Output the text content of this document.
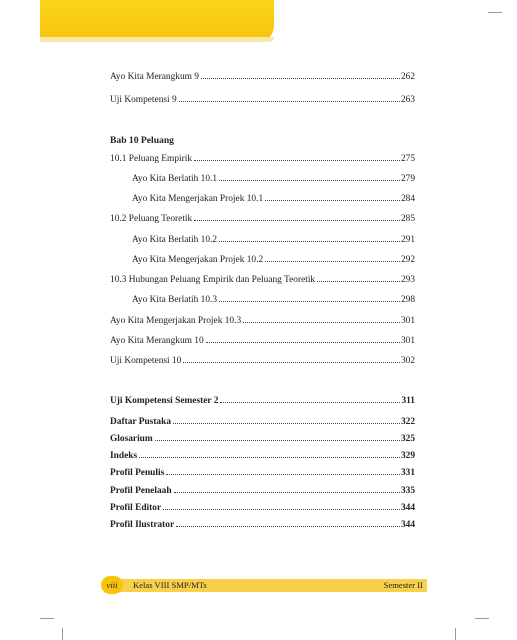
Ayo Kita Merangkum 9	262
Uji Kompetensi 9	263
Bab 10 Peluang
10.1 Peluang Empirik	275
Ayo Kita Berlatih 10.1	279
Ayo Kita Mengerjakan Projek 10.1	284
10.2 Peluang Teoretik	285
Ayo Kita Berlatih 10.2	291
Ayo Kita Mengerjakan Projek 10.2	292
10.3 Hubungan Peluang Empirik dan Peluang Teoretik	293
Ayo Kita Berlatih 10.3	298
Ayo Kita Mengerjakan Projek 10.3	301
Ayo Kita Merangkum 10	301
Uji Kompetensi 10	302
Uji Kompetensi Semester 2	311
Daftar Pustaka	322
Glosarium	325
Indeks	329
Profil Penulis	331
Profil Penelaah	335
Profil Editor	344
Profil Ilustrator	344
Kelas VIII SMP/MTs	Semester II
viii
